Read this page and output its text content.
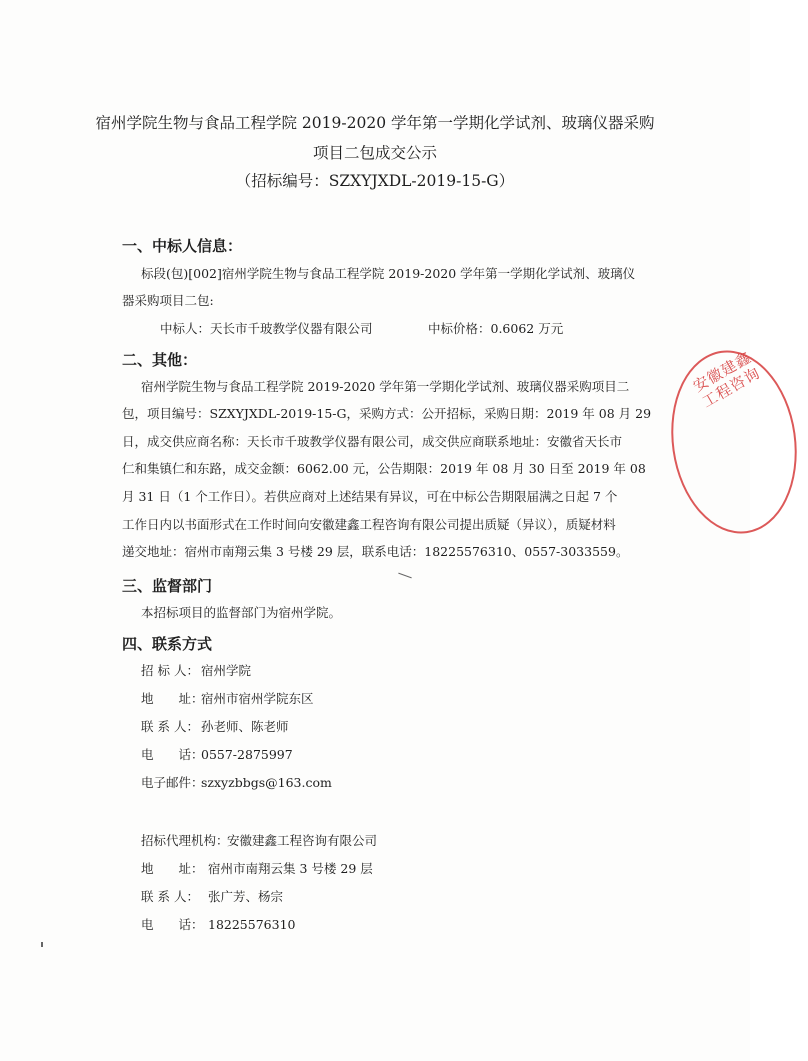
宿州学院生物与食品工程学院 2019-2020 学年第一学期化学试剂、玻璃仪器采购
项目二包成交公示
（招标编号：SZXYJXDL-2019-15-G）
一、中标人信息：
标段(包)[002]宿州学院生物与食品工程学院 2019-2020 学年第一学期化学试剂、玻璃仪
器采购项目二包:
中标人：天长市千玻教学仪器有限公司	中标价格：0.6062 万元
二、其他：
宿州学院生物与食品工程学院 2019-2020 学年第一学期化学试剂、玻璃仪器采购项目二
包，项目编号：SZXYJXDL-2019-15-G，采购方式：公开招标，采购日期：2019 年 08 月 29
日，成交供应商名称：天长市千玻教学仪器有限公司，成交供应商联系地址：安徽省天长市
仁和集镇仁和东路，成交金额：6062.00 元，公告期限：2019 年 08 月 30 日至 2019 年 08
月 31 日（1 个工作日）。若供应商对上述结果有异议，可在中标公告期限届满之日起 7 个
工作日内以书面形式在工作时间向安徽建鑫工程咨询有限公司提出质疑（异议），质疑材料
递交地址：宿州市南翔云集 3 号楼 29 层，联系电话：18225576310、0557-3033559。
三、监督部门
本招标项目的监督部门为宿州学院。
四、联系方式
招 标 人： 宿州学院
地　　址：宿州市宿州学院东区
联 系 人： 孙老师、陈老师
电　　话：0557-2875997
电子邮件：szxyzbbgs@163.com
招标代理机构：安徽建鑫工程咨询有限公司
地　　址： 宿州市南翔云集 3 号楼 29 层
联 系 人： 张广芳、杨宗
电　　话： 18225576310
安徽建鑫工程咨询
